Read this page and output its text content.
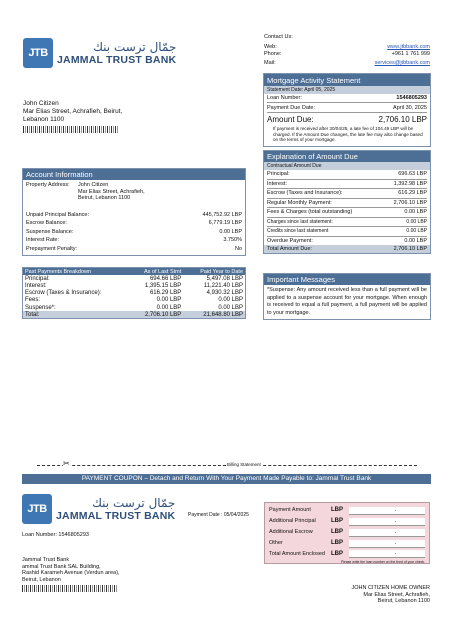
JTB	جمّال ترست بنك
JAMMAL TRUST BANK
Contact Us:
Web:	www.jtbbank.com
Phone:	+961 1 761 999
Mail:	services@jtbbank.com
John Citizen
Mar Elias Street, Achrafieh, Beirut,
Lebanon 1100
Mortgage Activity Statement
Statement Date: April 05, 2025
Loan Number:	1546805293
Payment Due Date:	April 30, 2025
Amount Due:	2,706.10 LBP
If payment is received after 30/04/25, a late fee of 104.49 LBP will be charged. If the Amount Due changes, the late fee may also change based on the terms of your mortgage.
Account Information
Property Address:	John Citizen
Mar Elias Street, Achrafieh,
Beirut, Lebanon 1100
Unpaid Principal Balance:	445,752.92 LBP
Escrow Balance:	6,779.19 LBP
Suspense Balance:	0.00 LBP
Interest Rate:	3.750%
Prepayment Penalty:	No
Explanation of Amount Due
Contractual Amount Due
Principal:	696.63 LBP
Interest:	1,392.98 LBP
Escrow (Taxes and Insurance):	616.29 LBP
Regular Monthly Payment:	2,706.10 LBP
Fees & Charges (total outstanding)	0.00 LBP
Charges since last statement:	0.00 LBP
Credits since last statement	0.00 LBP
Overdue Payment:	0.00 LBP
Total Amount Due:	2,706.10 LBP
Past Payments Breakdown	As of Last Stmt	Paid Year to Date
Principal:	694.66 LBP	5,497.08 LBP
Interest:	1,395.15 LBP	11,221.40 LBP
Escrow (Taxes & Insurance):	616.29 LBP	4,930.32 LBP
Fees:	0.00 LBP	0.00 LBP
Suspense*:	0.00 LBP	0.00 LBP
Total:	2,706.10 LBP	21,648.80 LBP
Important Messages
*Suspense: Any amount received less than a full payment will be applied to a suspense account for your mortgage. When enough is received to equal a full payment, a full payment will be applied to your mortgage.
✂	Billing Statement
PAYMENT COUPON – Detach and Return With Your Payment Made Payable to: Jammal Trust Bank
JTB	جمّال ترست بنك
JAMMAL TRUST BANK	Payment Date : 05/04/2025
Loan Number: 1546805293
Jammal Trust Bank
ammal Trust Bank SAL Building,
Rashid Karameh Avenue (Verdun area),
Beirut, Lebanon
Payment Amount	LBP	.
Additional Principal	LBP	.
Additional Escrow	LBP	.
Other	LBP	.
Total Amount Enclosed	LBP	.
Please write the loan number on the front of your check.
JOHN CITIZEN HOME OWNER
Mar Elias Street, Achrafieh,
Beirut, Lebanon 1100
